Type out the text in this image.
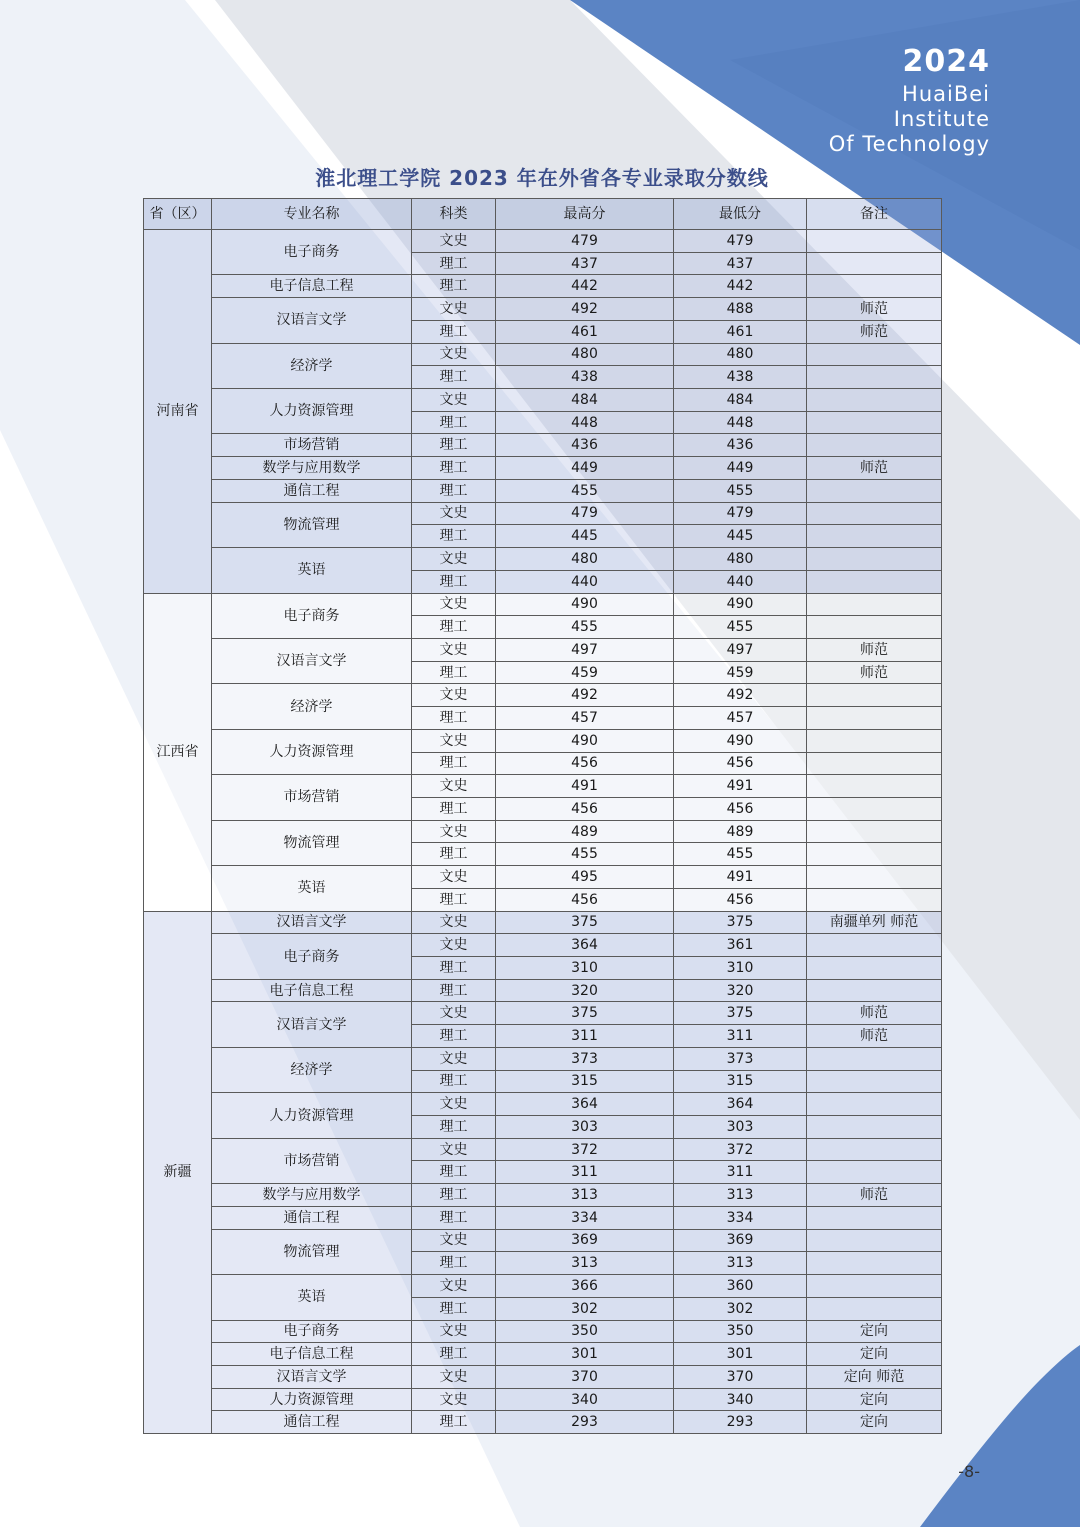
2024
HuaiBei
Institute
Of Technology
淮北理工学院 2023 年在外省各专业录取分数线
省（区）	专业名称	科类	最高分	最低分	备注
河南省	电子商务	文史	479	479	
		理工	437	437	
	电子信息工程	理工	442	442	
	汉语言文学	文史	492	488	师范
		理工	461	461	师范
	经济学	文史	480	480	
		理工	438	438	
	人力资源管理	文史	484	484	
		理工	448	448	
	市场营销	理工	436	436	
	数学与应用数学	理工	449	449	师范
	通信工程	理工	455	455	
	物流管理	文史	479	479	
		理工	445	445	
	英语	文史	480	480	
		理工	440	440	
江西省	电子商务	文史	490	490	
		理工	455	455	
	汉语言文学	文史	497	497	师范
		理工	459	459	师范
	经济学	文史	492	492	
		理工	457	457	
	人力资源管理	文史	490	490	
		理工	456	456	
	市场营销	文史	491	491	
		理工	456	456	
	物流管理	文史	489	489	
		理工	455	455	
	英语	文史	495	491	
		理工	456	456	
新疆	汉语言文学	文史	375	375	南疆单列 师范
	电子商务	文史	364	361	
		理工	310	310	
	电子信息工程	理工	320	320	
	汉语言文学	文史	375	375	师范
		理工	311	311	师范
	经济学	文史	373	373	
		理工	315	315	
	人力资源管理	文史	364	364	
		理工	303	303	
	市场营销	文史	372	372	
		理工	311	311	
	数学与应用数学	理工	313	313	师范
	通信工程	理工	334	334	
	物流管理	文史	369	369	
		理工	313	313	
	英语	文史	366	360	
		理工	302	302	
	电子商务	文史	350	350	定向
	电子信息工程	理工	301	301	定向
	汉语言文学	文史	370	370	定向 师范
	人力资源管理	文史	340	340	定向
	通信工程	理工	293	293	定向
-8-
